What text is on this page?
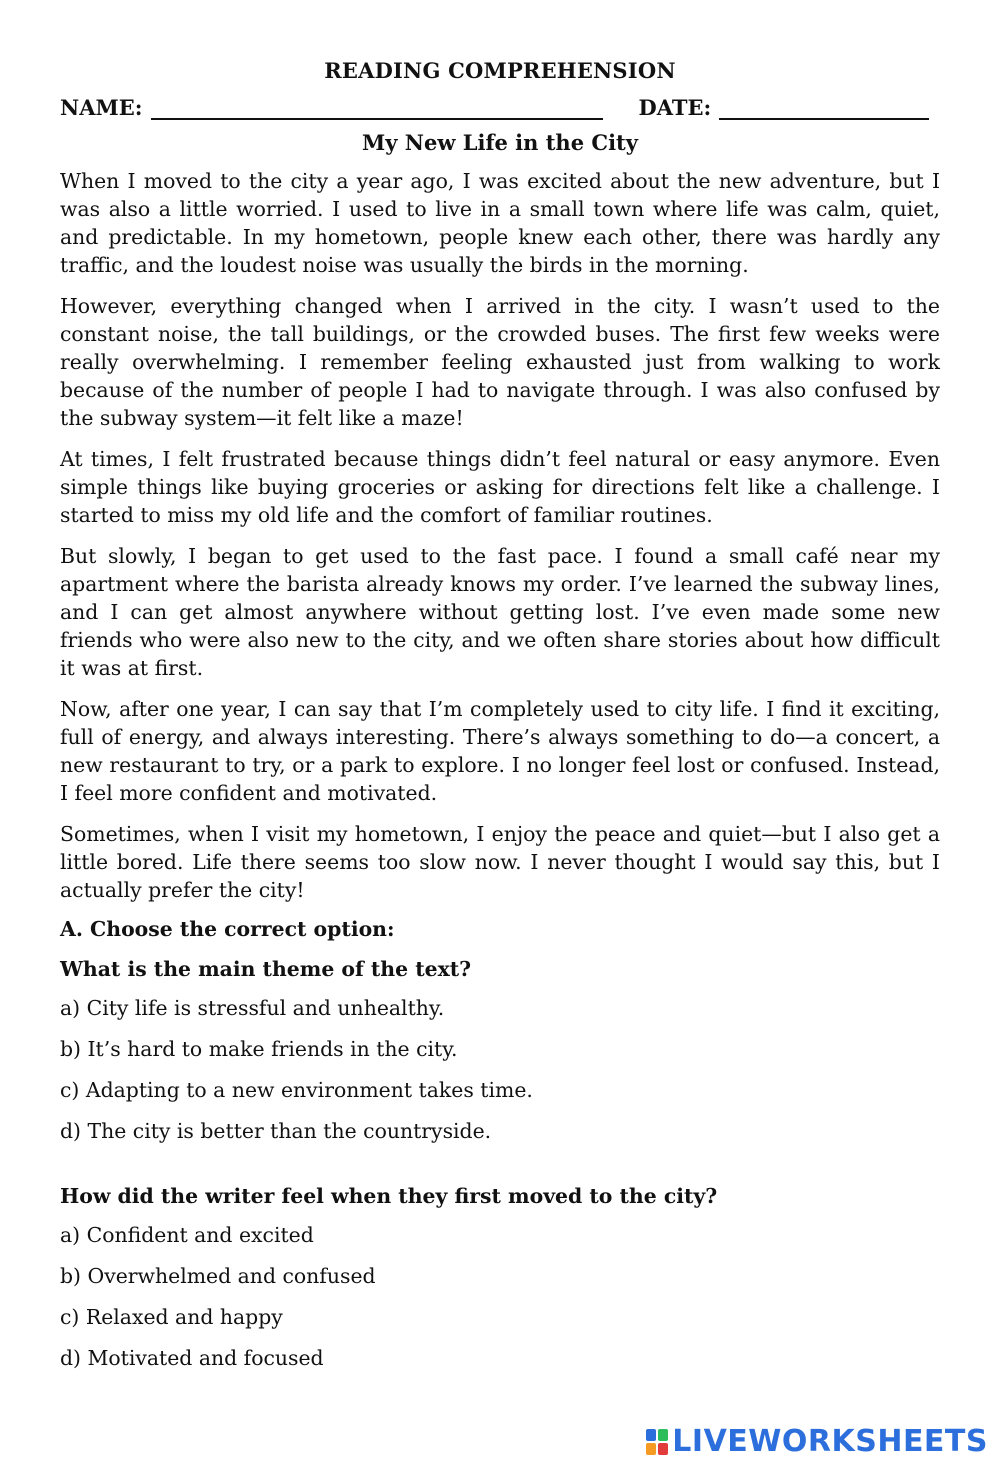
READING COMPREHENSION
NAME:	DATE:
My New Life in the City

When I moved to the city a year ago, I was excited about the new adventure, but I was also a little worried. I used to live in a small town where life was calm, quiet, and predictable. In my hometown, people knew each other, there was hardly any traffic, and the loudest noise was usually the birds in the morning.

However, everything changed when I arrived in the city. I wasn’t used to the constant noise, the tall buildings, or the crowded buses. The first few weeks were really overwhelming. I remember feeling exhausted just from walking to work because of the number of people I had to navigate through. I was also confused by the subway system—it felt like a maze!

At times, I felt frustrated because things didn’t feel natural or easy anymore. Even simple things like buying groceries or asking for directions felt like a challenge. I started to miss my old life and the comfort of familiar routines.

But slowly, I began to get used to the fast pace. I found a small café near my apartment where the barista already knows my order. I’ve learned the subway lines, and I can get almost anywhere without getting lost. I’ve even made some new friends who were also new to the city, and we often share stories about how difficult it was at first.

Now, after one year, I can say that I’m completely used to city life. I find it exciting, full of energy, and always interesting. There’s always something to do—a concert, a new restaurant to try, or a park to explore. I no longer feel lost or confused. Instead, I feel more confident and motivated.

Sometimes, when I visit my hometown, I enjoy the peace and quiet—but I also get a little bored. Life there seems too slow now. I never thought I would say this, but I actually prefer the city!

A. Choose the correct option:
What is the main theme of the text?
a) City life is stressful and unhealthy.
b) It’s hard to make friends in the city.
c) Adapting to a new environment takes time.
d) The city is better than the countryside.
How did the writer feel when they first moved to the city?
a) Confident and excited
b) Overwhelmed and confused
c) Relaxed and happy
d) Motivated and focused
LIVEWORKSHEETS
